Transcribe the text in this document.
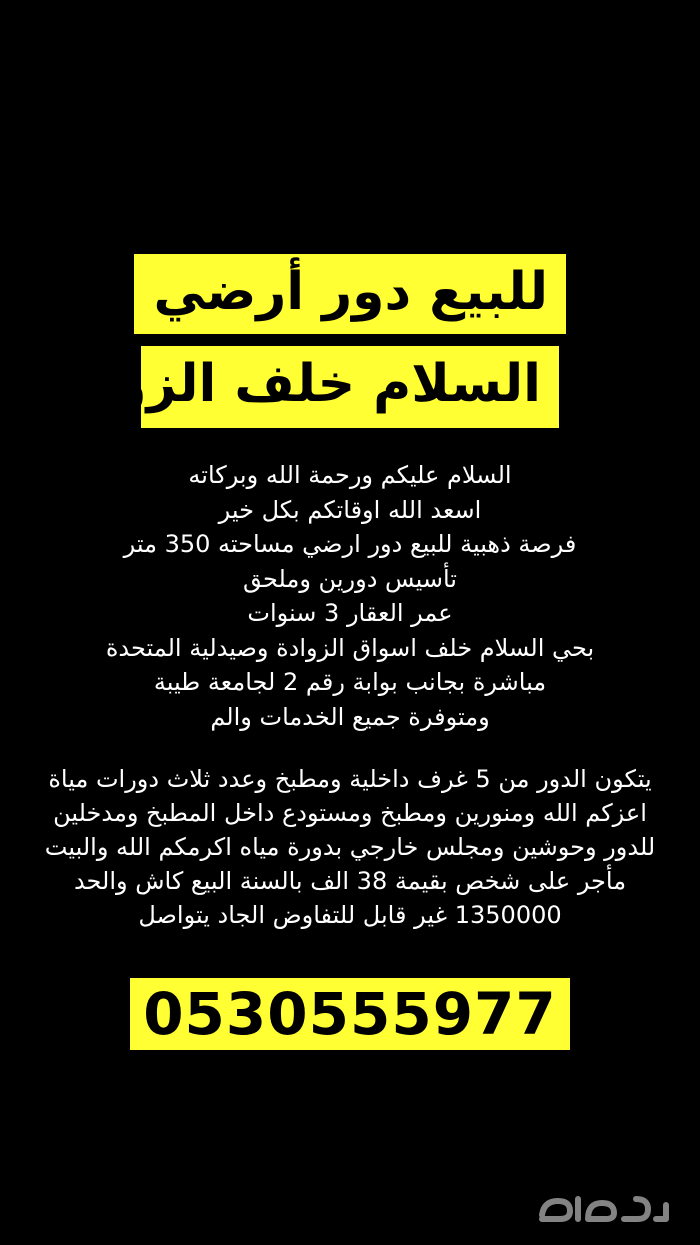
للبيع دور أرضي حي
السلام خلف الزوادة
السلام عليكم ورحمة الله وبركاته
اسعد الله اوقاتكم بكل خير
فرصة ذهبية للبيع دور ارضي مساحته 350 متر
تأسيس دورين وملحق
عمر العقار 3 سنوات
بحي السلام خلف اسواق الزوادة وصيدلية المتحدة
مباشرة بجانب بوابة رقم 2 لجامعة طيبة
ومتوفرة جميع الخدمات والم
يتكون الدور من 5 غرف داخلية ومطبخ وعدد ثلاث دورات مياة
اعزكم الله ومنورين ومطبخ ومستودع داخل المطبخ ومدخلين
للدور وحوشين ومجلس خارجي بدورة مياه اكرمكم الله والبيت
مأجر على شخص بقيمة 38 الف بالسنة البيع كاش والحد
1350000 غير قابل للتفاوض الجاد يتواصل
0530555977
